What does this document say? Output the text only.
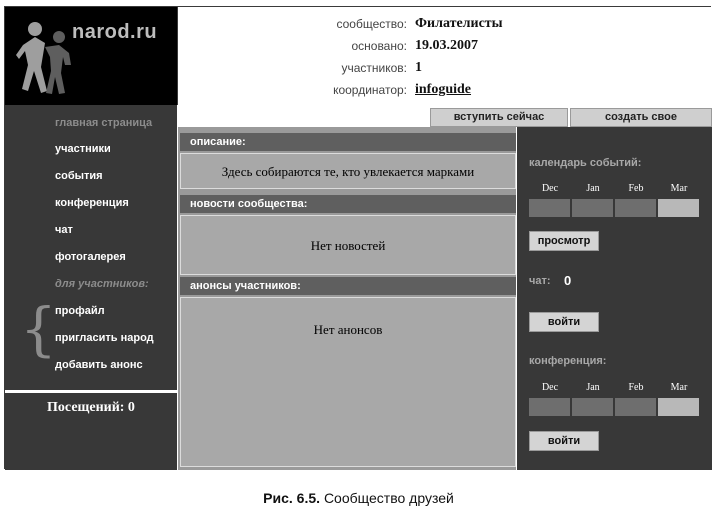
narod.ru	сообщество: Филателисты
основано: 19.03.2007
участников: 1
координатор: infoguide
главная страница
участники
события
конференция
чат
фотогалерея
для участников:
{
профайл
пригласить народ
добавить анонс
Посещений: 0
вступить сейчас	создать свое
описание:
Здесь собираются те, кто увлекается марками
новости сообщества:
Нет новостей
анонсы участников:
Нет анонсов
календарь событий:
Dec	Jan	Feb	Mar
просмотр
чат: 0
войти
конференция:
Dec	Jan	Feb	Mar
войти
Рис. 6.5. Сообщество друзей
